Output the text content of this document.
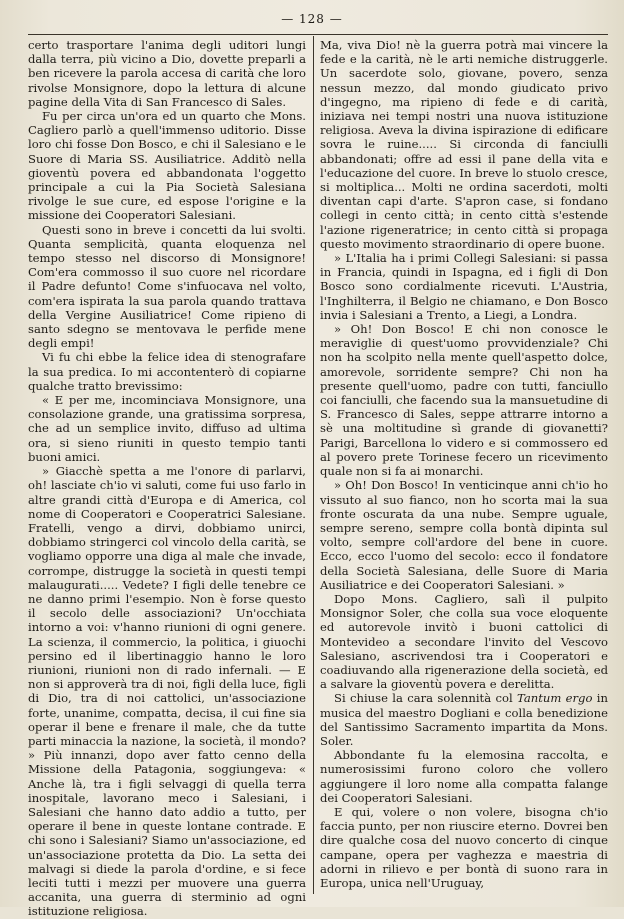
— 128 —

certo trasportare l'anima degli uditori lungi dalla terra, più vicino a Dio, dovette preparli a ben ricevere la parola accesa di carità che loro rivolse Monsignore, dopo la lettura di alcune pagine della Vita di San Francesco di Sales.

Fu per circa un'ora ed un quarto che Mons. Cagliero parlò a quell'immenso uditorio. Disse loro chi fosse Don Bosco, e chi il Salesiano e le Suore di Maria SS. Ausiliatrice. Additò nella gioventù povera ed abbandonata l'oggetto principale a cui la Pia Società Salesiana rivolge le sue cure, ed espose l'origine e la missione dei Cooperatori Salesiani.

Questi sono in breve i concetti da lui svolti. Quanta semplicità, quanta eloquenza nel tempo stesso nel discorso di Monsignore! Com'era commosso il suo cuore nel ricordare il Padre defunto! Come s'infuocava nel volto, com'era ispirata la sua parola quando trattava della Vergine Ausiliatrice! Come ripieno di santo sdegno se mentovava le perfide mene degli empi!

Vi fu chi ebbe la felice idea di stenografare la sua predica. Io mi accontenterò di copiarne qualche tratto brevissimo:

« E per me, incominciava Monsignore, una consolazione grande, una gratissima sorpresa, che ad un semplice invito, diffuso ad ultima ora, si sieno riuniti in questo tempio tanti buoni amici.

» Giacchè spetta a me l'onore di parlarvi, oh! lasciate ch'io vi saluti, come fui uso farlo in altre grandi città d'Europa e di America, col nome di Cooperatori e Cooperatrici Salesiane. Fratelli, vengo a dirvi, dobbiamo unirci, dobbiamo stringerci col vincolo della carità, se vogliamo opporre una diga al male che invade, corrompe, distrugge la società in questi tempi malaugurati..... Vedete? I figli delle tenebre ce ne danno primi l'esempio. Non è forse questo il secolo delle associazioni? Un'occhiata intorno a voi: v'hanno riunioni di ogni genere. La scienza, il commercio, la politica, i giuochi persino ed il libertinaggio hanno le loro riunioni, riunioni non di rado infernali. — E non si approverà tra di noi, figli della luce, figli di Dio, tra di noi cattolici, un'associazione forte, unanime, compatta, decisa, il cui fine sia operar il bene e frenare il male, che da tutte parti minaccia la nazione, la società, il mondo? » Più innanzi, dopo aver fatto cenno della Missione della Patagonia, soggiungeva: « Anche là, tra i figli selvaggi di quella terra inospitale, lavorano meco i Salesiani, i Salesiani che hanno dato addio a tutto, per operare il bene in queste lontane contrade. E chi sono i Salesiani? Siamo un'associazione, ed un'associazione protetta da Dio. La setta dei malvagi si diede la parola d'ordine, e si fece leciti tutti i mezzi per muovere una guerra accanita, una guerra di sterminio ad ogni istituzione religiosa.

Ma, viva Dio! nè la guerra potrà mai vincere la fede e la carità, nè le arti nemiche distruggerle. Un sacerdote solo, giovane, povero, senza nessun mezzo, dal mondo giudicato privo d'ingegno, ma ripieno di fede e di carità, iniziava nei tempi nostri una nuova istituzione religiosa. Aveva la divina ispirazione di edificare sovra le ruine..... Si circonda di fanciulli abbandonati; offre ad essi il pane della vita e l'educazione del cuore. In breve lo stuolo cresce, si moltiplica... Molti ne ordina sacerdoti, molti diventan capi d'arte. S'apron case, si fondano collegi in cento città; in cento città s'estende l'azione rigeneratrice; in cento città si propaga questo movimento straordinario di opere buone.

» L'Italia ha i primi Collegi Salesiani: si passa in Francia, quindi in Ispagna, ed i figli di Don Bosco sono cordialmente ricevuti. L'Austria, l'Inghilterra, il Belgio ne chiamano, e Don Bosco invia i Salesiani a Trento, a Liegi, a Londra.

» Oh! Don Bosco! E chi non conosce le meraviglie di quest'uomo provvidenziale? Chi non ha scolpito nella mente quell'aspetto dolce, amorevole, sorridente sempre? Chi non ha presente quell'uomo, padre con tutti, fanciullo coi fanciulli, che facendo sua la mansuetudine di S. Francesco di Sales, seppe attrarre intorno a sè una moltitudine sì grande di giovanetti? Parigi, Barcellona lo videro e si commossero ed al povero prete Torinese fecero un ricevimento quale non si fa ai monarchi.

» Oh! Don Bosco! In venticinque anni ch'io ho vissuto al suo fianco, non ho scorta mai la sua fronte oscurata da una nube. Sempre uguale, sempre sereno, sempre colla bontà dipinta sul volto, sempre coll'ardore del bene in cuore. Ecco, ecco l'uomo del secolo: ecco il fondatore della Società Salesiana, delle Suore di Maria Ausiliatrice e dei Cooperatori Salesiani. »

Dopo Mons. Cagliero, salì il pulpito Monsignor Soler, che colla sua voce eloquente ed autorevole invitò i buoni cattolici di Montevideo a secondare l'invito del Vescovo Salesiano, ascrivendosi tra i Cooperatori e coadiuvando alla rigenerazione della società, ed a salvare la gioventù povera e derelitta.

Si chiuse la cara solennità col Tantum ergo in musica del maestro Dogliani e colla benedizione del Santissimo Sacramento impartita da Mons. Soler.

Abbondante fu la elemosina raccolta, e numerosissimi furono coloro che vollero aggiungere il loro nome alla compatta falange dei Cooperatori Salesiani.

E qui, volere o non volere, bisogna ch'io faccia punto, per non riuscire eterno. Dovrei ben dire qualche cosa del nuovo concerto di cinque campane, opera per vaghezza e maestria di adorni in rilievo e per bontà di suono rara in Europa, unica nell'Uruguay,
